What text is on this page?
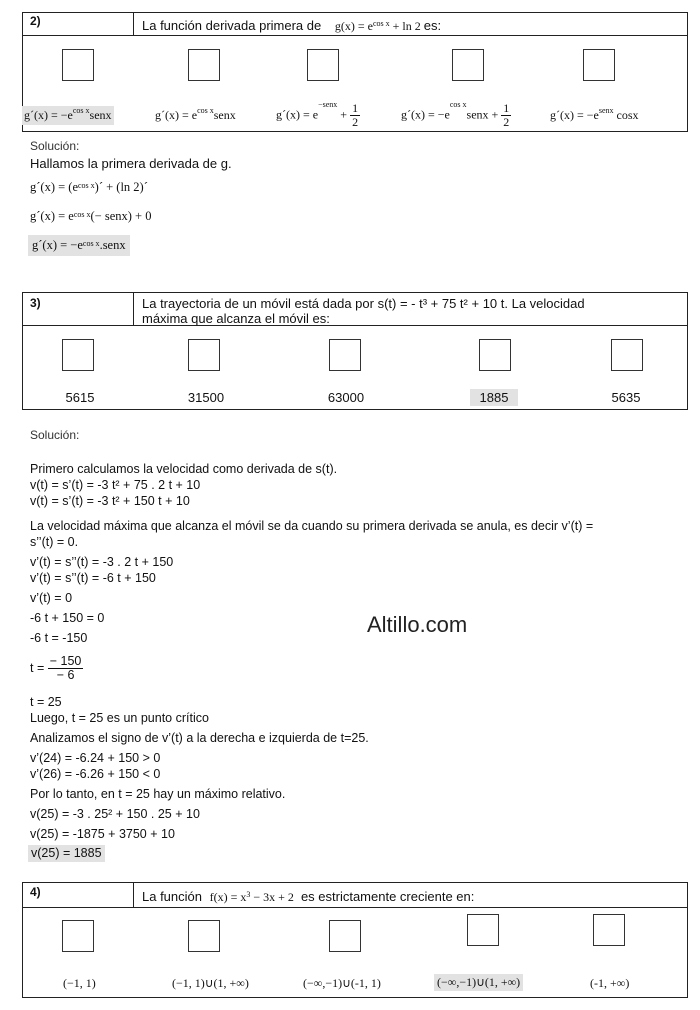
2)	La función derivada primera de $g(x) = e^{cos x} + \ln 2$ es:
g´(x) = $-e^{cos x}senx$	g´(x) = $e^{cos x}senx$	g´(x) = $e^{-senx} + \frac{1}{2}$	g´(x) = $-e^{cos x}senx + \frac{1}{2}$	g´(x) = $-e^{senx}$ cosx
Solución:
Hallamos la primera derivada de g.
g´(x) = $(e^{cos x})´ + (\ln$ 2)´
g´(x) = $e^{cos x}(-$ senx) + 0
g´(x) = $-e^{cos x}.senx$
3)	La trayectoria de un móvil está dada por s(t) = - t³ + 75 t² + 10 t. La velocidad
máxima que alcanza el móvil es:
5615	31500	63000	1885	5635
Solución:
Primero calculamos la velocidad como derivada de s(t).
v(t) = s’(t) = -3 t² + 75 . 2 t + 10
v(t) = s’(t) = -3 t² + 150 t + 10
La velocidad máxima que alcanza el móvil se da cuando su primera derivada se anula, es decir v’(t) =
s’’(t) = 0.
v’(t) = s’’(t) = -3 . 2 t + 150
v’(t) = s’’(t) = -6 t + 150
v’(t) = 0
-6 t + 150 = 0
-6 t = -150
$t = \frac{- 150}{- 6}$
t = 25
Luego, t = 25 es un punto crítico
Analizamos el signo de v’(t) a la derecha e izquierda de t=25.
v’(24) = -6.24 + 150 > 0
v’(26) = -6.26 + 150 < 0
Por lo tanto, en t = 25 hay un máximo relativo.
v(25) = -3 . 25² + 150 . 25 + 10
v(25) = -1875 + 3750 + 10
v(25) = 1885
Altillo.com
4)	La función $f(x) = x^3 - 3x + 2$ es estrictamente creciente en:
(−1, 1)	(−1, 1)∪(1, +∞)	(−∞,−1)∪(-1, 1)	(−∞,−1)∪(1, +∞)	(-1, +∞)
